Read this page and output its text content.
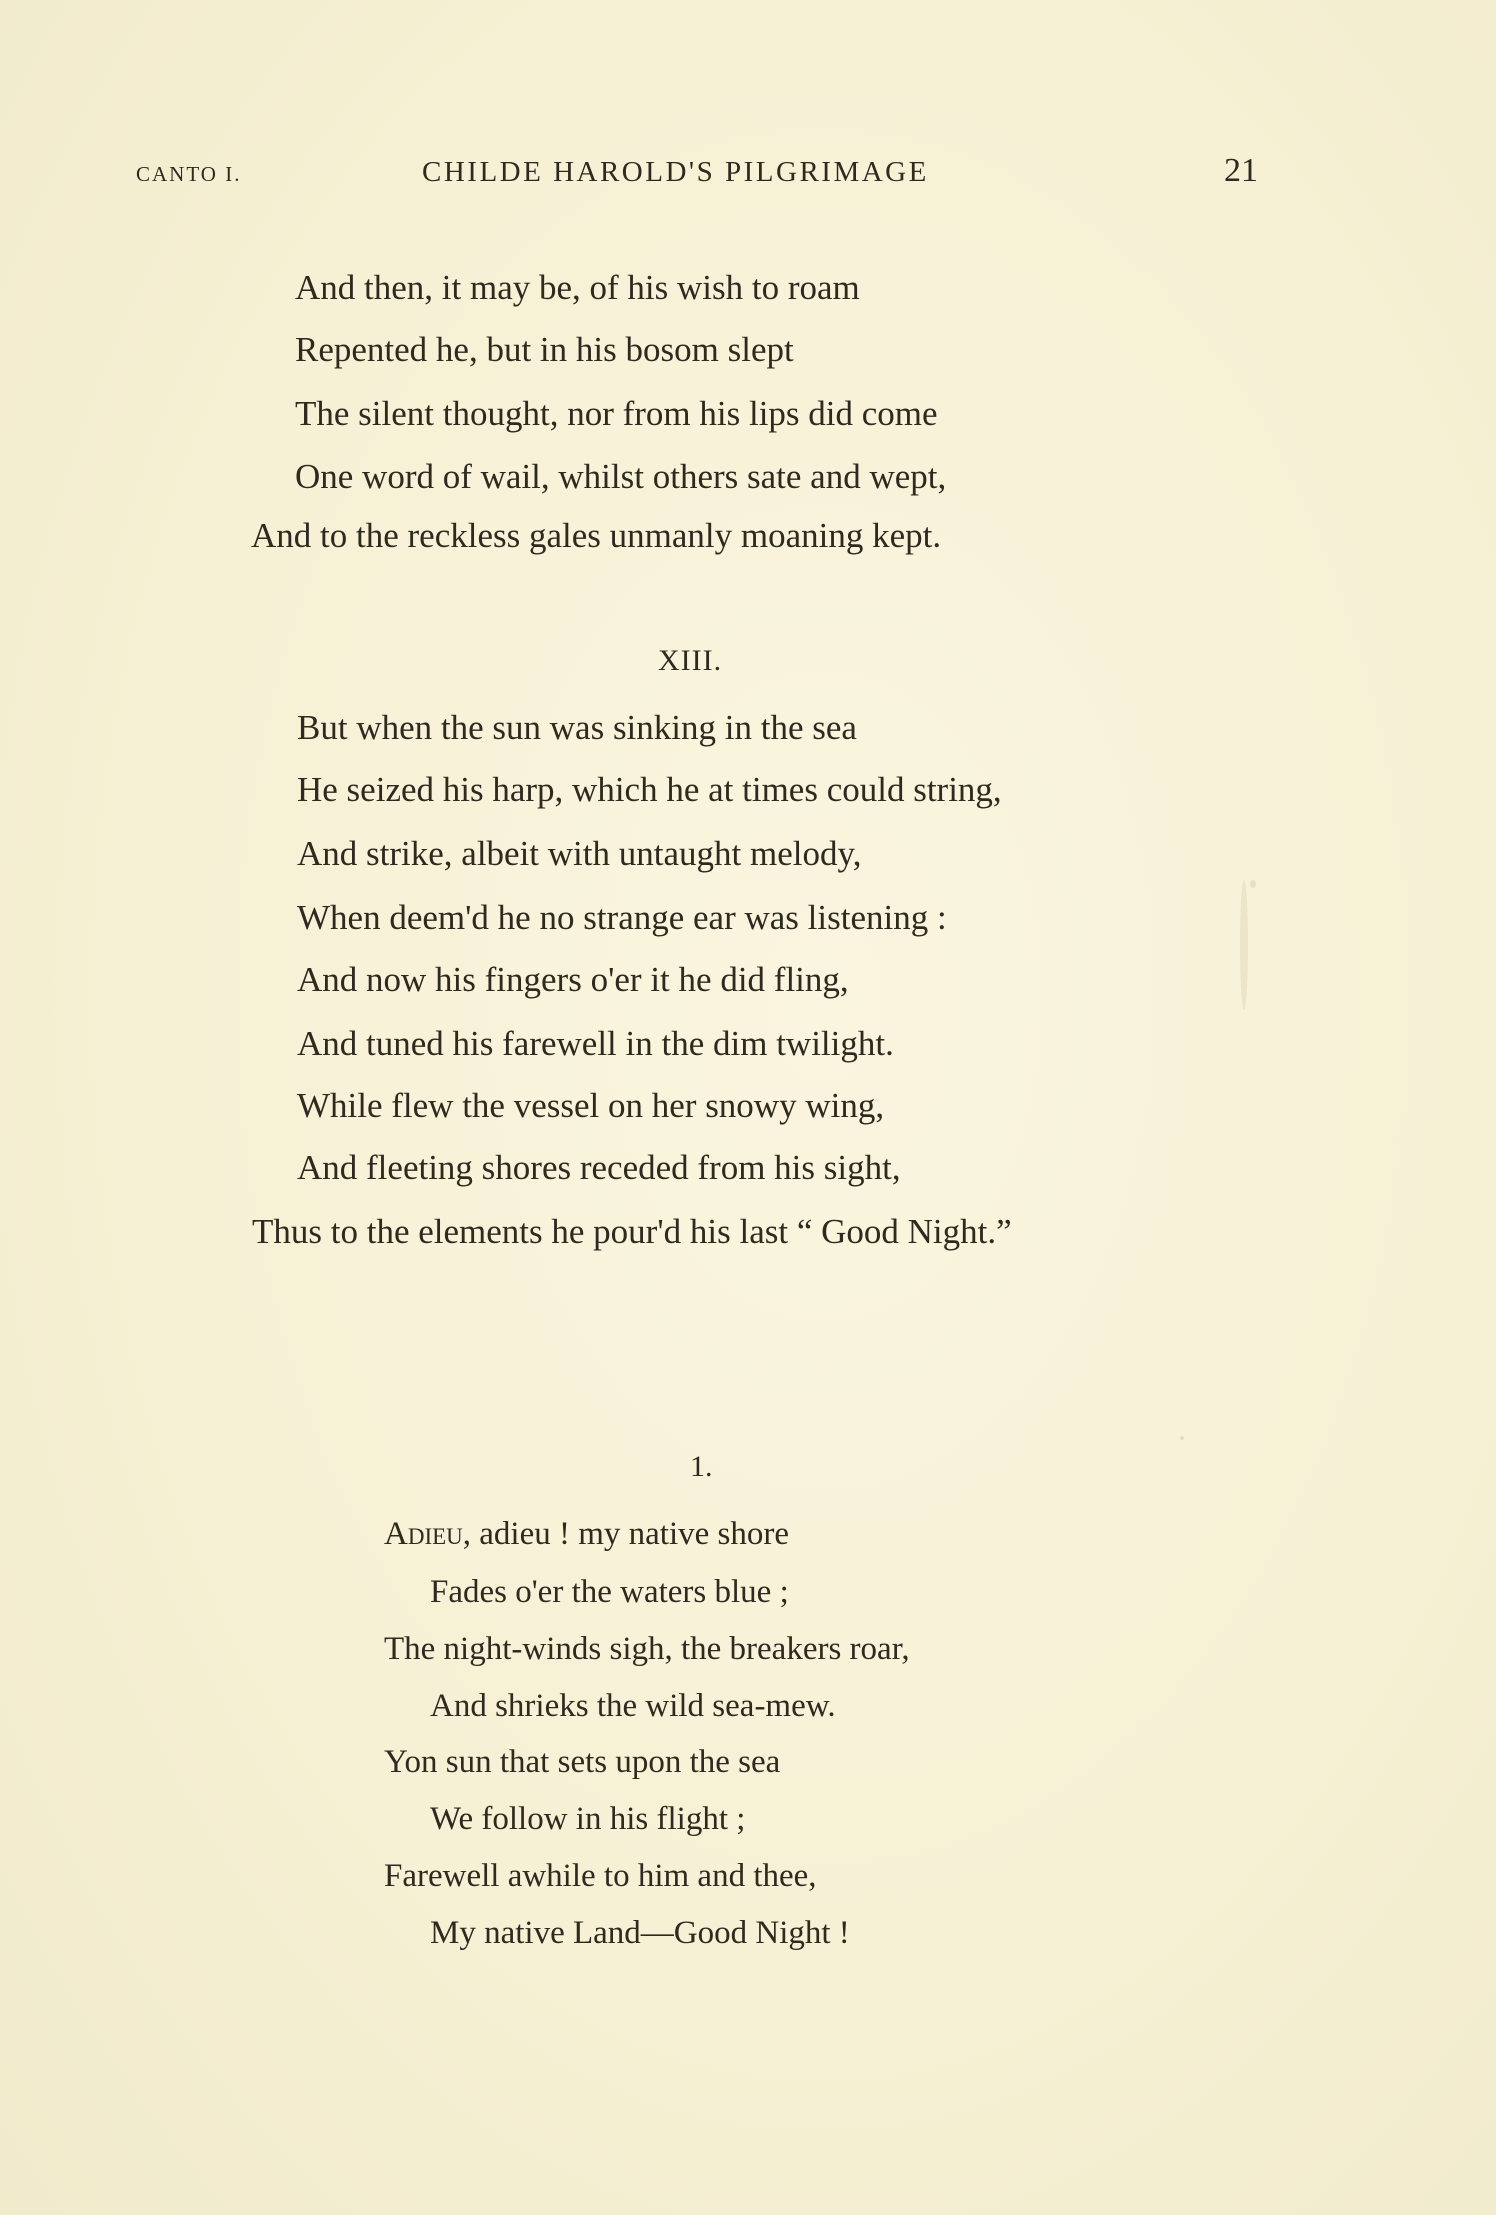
CANTO I.	CHILDE HAROLD'S PILGRIMAGE	21
And then, it may be, of his wish to roam
Repented he, but in his bosom slept
The silent thought, nor from his lips did come
One word of wail, whilst others sate and wept,
And to the reckless gales unmanly moaning kept.
XIII.
But when the sun was sinking in the sea
He seized his harp, which he at times could string,
And strike, albeit with untaught melody,
When deem'd he no strange ear was listening :
And now his fingers o'er it he did fling,
And tuned his farewell in the dim twilight.
While flew the vessel on her snowy wing,
And fleeting shores receded from his sight,
Thus to the elements he pour'd his last “ Good Night.”
1.
Adieu, adieu ! my native shore
Fades o'er the waters blue ;
The night-winds sigh, the breakers roar,
And shrieks the wild sea-mew.
Yon sun that sets upon the sea
We follow in his flight ;
Farewell awhile to him and thee,
My native Land—Good Night !
